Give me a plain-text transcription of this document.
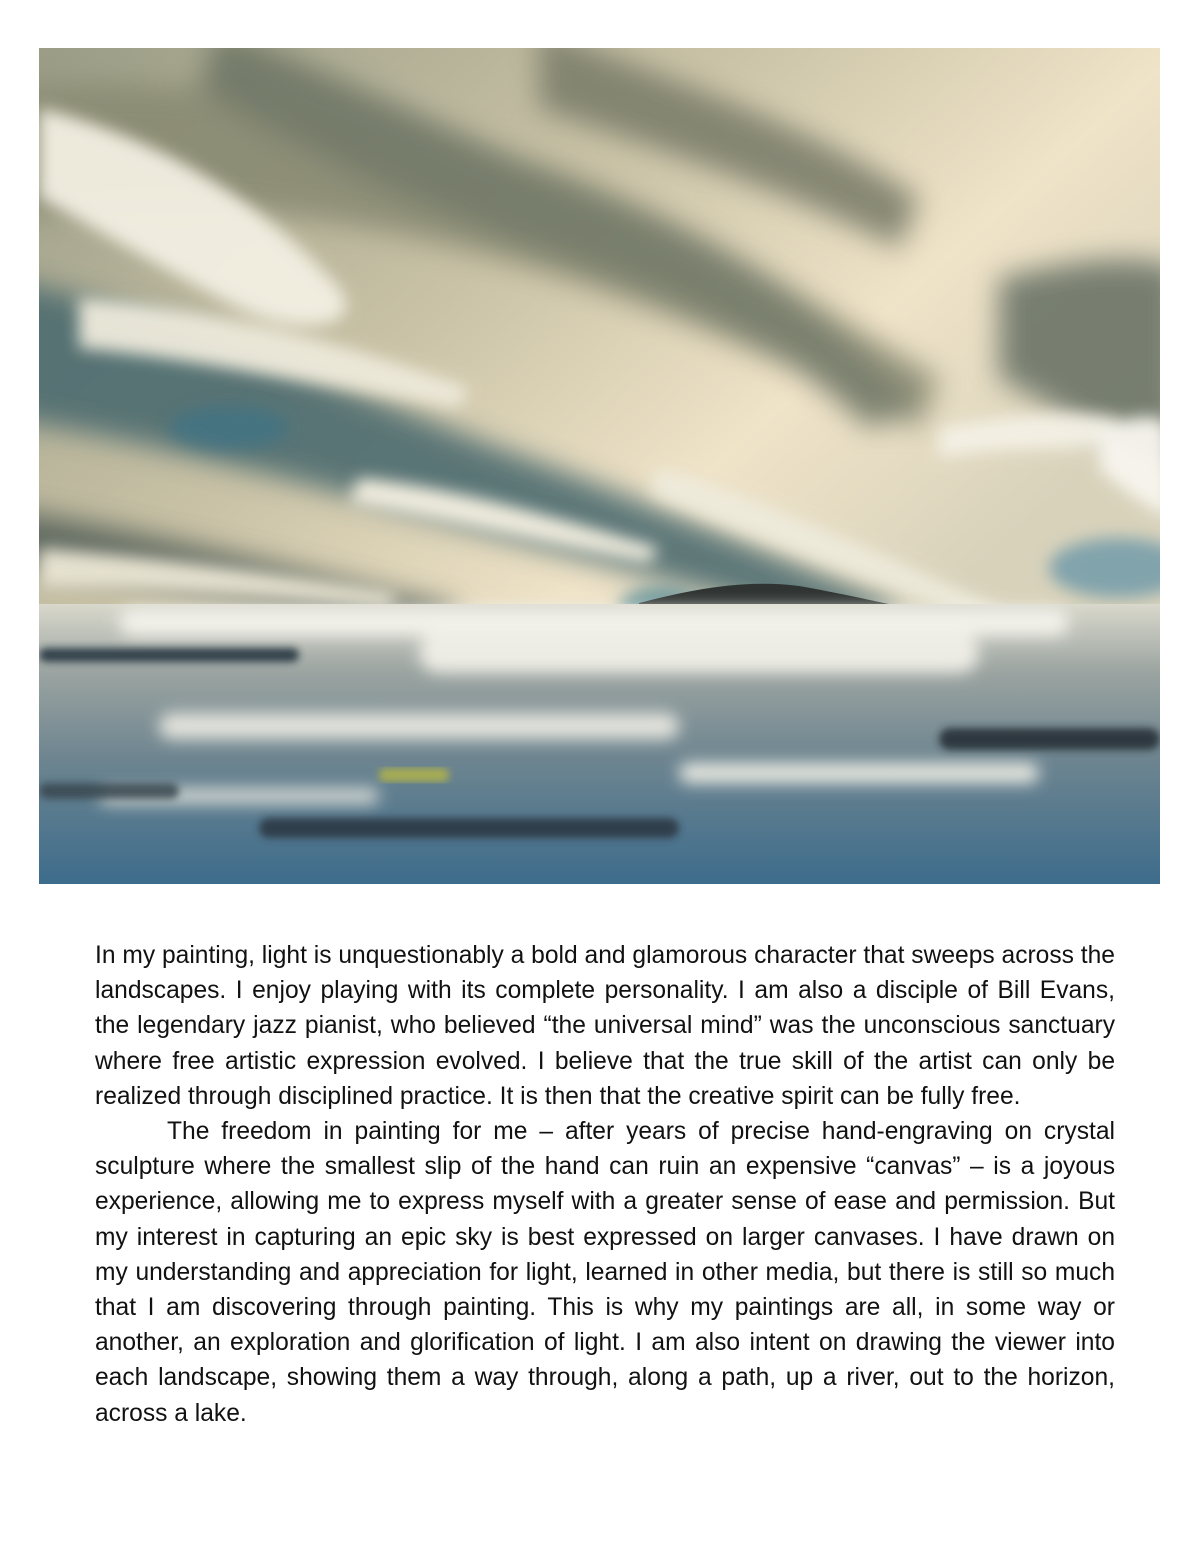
In my painting, light is unquestionably a bold and glamorous character that sweeps across the landscapes. I enjoy playing with its complete personality. I am also a disciple of Bill Evans, the legendary jazz pianist, who believed “the universal mind” was the unconscious sanctuary where free artistic expression evolved. I believe that the true skill of the artist can only be realized through disciplined practice. It is then that the creative spirit can be fully free.

The freedom in painting for me – after years of precise hand-engraving on crystal sculpture where the smallest slip of the hand can ruin an expensive “canvas” – is a joyous experience, allowing me to express myself with a greater sense of ease and permission. But my interest in capturing an epic sky is best expressed on larger canvases. I have drawn on my understanding and appreciation for light, learned in other media, but there is still so much that I am discovering through painting. This is why my paintings are all, in some way or another, an exploration and glorification of light. I am also intent on drawing the viewer into each landscape, showing them a way through, along a path, up a river, out to the horizon, across a lake.
